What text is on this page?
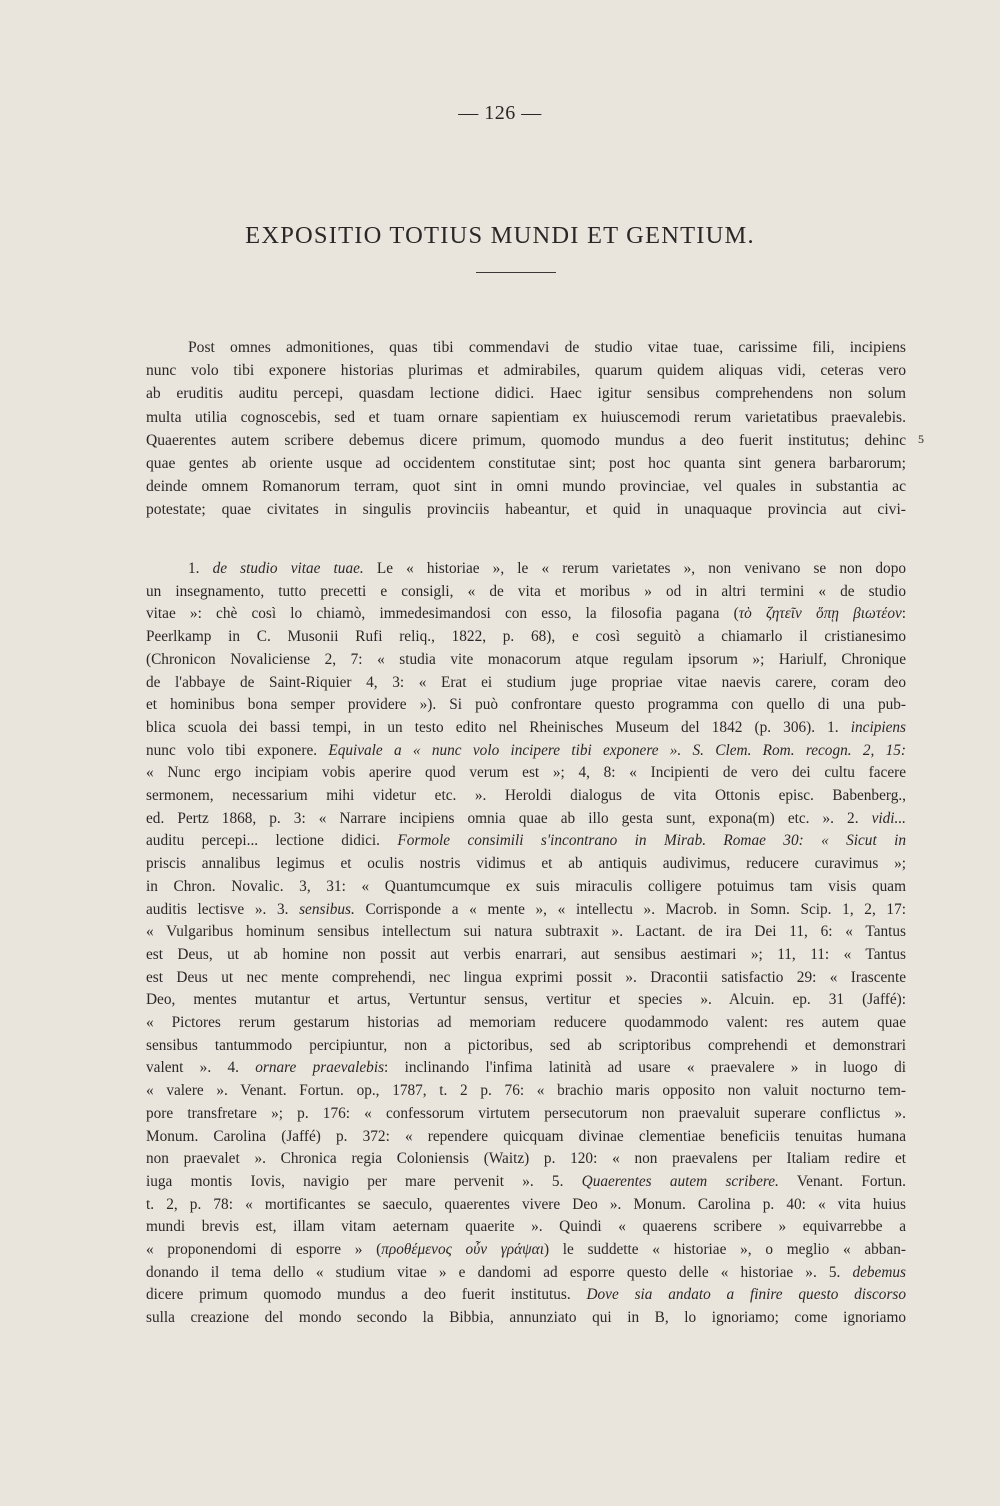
— 126 —
EXPOSITIO TOTIUS MUNDI ET GENTIUM.
Post omnes admonitiones, quas tibi commendavi de studio vitae tuae, carissime fili, incipiens
nunc volo tibi exponere historias plurimas et admirabiles, quarum quidem aliquas vidi, ceteras vero
ab eruditis auditu percepi, quasdam lectione didici. Haec igitur sensibus comprehendens non solum
multa utilia cognoscebis, sed et tuam ornare sapientiam ex huiuscemodi rerum varietatibus praevalebis.
Quaerentes autem scribere debemus dicere primum, quomodo mundus a deo fuerit institutus; dehinc
quae gentes ab oriente usque ad occidentem constitutae sint; post hoc quanta sint genera barbarorum;
deinde omnem Romanorum terram, quot sint in omni mundo provinciae, vel quales in substantia ac
potestate; quae civitates in singulis provinciis habeantur, et quid in unaquaque provincia aut civi-
5
1. de studio vitae tuae. Le « historiae », le « rerum varietates », non venivano se non dopo
un insegnamento, tutto precetti e consigli, « de vita et moribus » od in altri termini « de studio
vitae »: chè così lo chiamò, immedesimandosi con esso, la filosofia pagana (τὸ ζητεῖν ὅπῃ βιωτέον:
Peerlkamp in C. Musonii Rufi reliq., 1822, p. 68), e così seguitò a chiamarlo il cristianesimo
(Chronicon Novaliciense 2, 7: « studia vite monacorum atque regulam ipsorum »; Hariulf, Chronique
de l'abbaye de Saint-Riquier 4, 3: « Erat ei studium juge propriae vitae naevis carere, coram deo
et hominibus bona semper providere »). Si può confrontare questo programma con quello di una pub-
blica scuola dei bassi tempi, in un testo edito nel Rheinisches Museum del 1842 (p. 306). 1. incipiens
nunc volo tibi exponere. Equivale a « nunc volo incipere tibi exponere ». S. Clem. Rom. recogn. 2, 15:
« Nunc ergo incipiam vobis aperire quod verum est »; 4, 8: « Incipienti de vero dei cultu facere
sermonem, necessarium mihi videtur etc. ». Heroldi dialogus de vita Ottonis episc. Babenberg.,
ed. Pertz 1868, p. 3: « Narrare incipiens omnia quae ab illo gesta sunt, expona(m) etc. ». 2. vidi...
auditu percepi... lectione didici. Formole consimili s'incontrano in Mirab. Romae 30: « Sicut in
priscis annalibus legimus et oculis nostris vidimus et ab antiquis audivimus, reducere curavimus »;
in Chron. Novalic. 3, 31: « Quantumcumque ex suis miraculis colligere potuimus tam visis quam
auditis lectisve ». 3. sensibus. Corrisponde a « mente », « intellectu ». Macrob. in Somn. Scip. 1, 2, 17:
« Vulgaribus hominum sensibus intellectum sui natura subtraxit ». Lactant. de ira Dei 11, 6: « Tantus
est Deus, ut ab homine non possit aut verbis enarrari, aut sensibus aestimari »; 11, 11: « Tantus
est Deus ut nec mente comprehendi, nec lingua exprimi possit ». Dracontii satisfactio 29: « Irascente
Deo, mentes mutantur et artus, Vertuntur sensus, vertitur et species ». Alcuin. ep. 31 (Jaffé):
« Pictores rerum gestarum historias ad memoriam reducere quodammodo valent: res autem quae
sensibus tantummodo percipiuntur, non a pictoribus, sed ab scriptoribus comprehendi et demonstrari
valent ». 4. ornare praevalebis: inclinando l'infima latinità ad usare « praevalere » in luogo di
« valere ». Venant. Fortun. op., 1787, t. 2 p. 76: « brachio maris opposito non valuit nocturno tem-
pore transfretare »; p. 176: « confessorum virtutem persecutorum non praevaluit superare conflictus ».
Monum. Carolina (Jaffé) p. 372: « rependere quicquam divinae clementiae beneficiis tenuitas humana
non praevalet ». Chronica regia Coloniensis (Waitz) p. 120: « non praevalens per Italiam redire et
iuga montis Iovis, navigio per mare pervenit ». 5. Quaerentes autem scribere. Venant. Fortun.
t. 2, p. 78: « mortificantes se saeculo, quaerentes vivere Deo ». Monum. Carolina p. 40: « vita huius
mundi brevis est, illam vitam aeternam quaerite ». Quindi « quaerens scribere » equivarrebbe a
« proponendomi di esporre » (προθέμενος οὖν γράψαι) le suddette « historiae », o meglio « abban-
donando il tema dello « studium vitae » e dandomi ad esporre questo delle « historiae ». 5. debemus
dicere primum quomodo mundus a deo fuerit institutus. Dove sia andato a finire questo discorso
sulla creazione del mondo secondo la Bibbia, annunziato qui in B, lo ignoriamo; come ignoriamo
